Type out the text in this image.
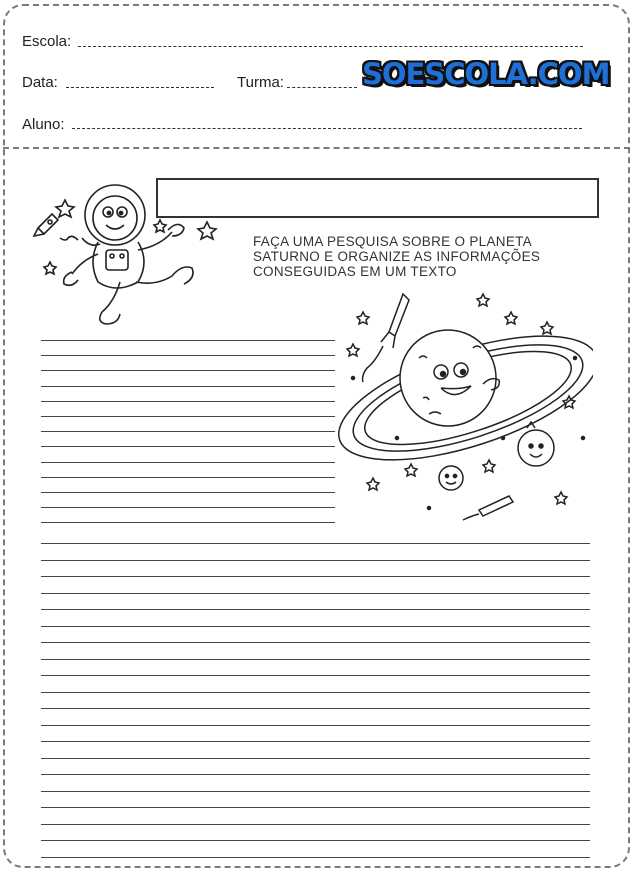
Escola:
Data:	Turma:	SOESCOLA.COM
Aluno:
FAÇA UMA PESQUISA SOBRE O PLANETA
SATURNO E ORGANIZE AS INFORMAÇÕES
CONSEGUIDAS EM UM TEXTO
